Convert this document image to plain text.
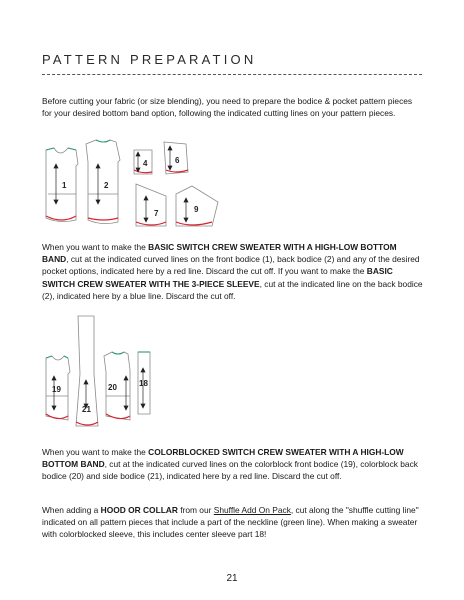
PATTERN PREPARATION

Before cutting your fabric (or size blending), you need to prepare the bodice & pocket pattern pieces for your desired bottom band option, following the indicated cutting lines on your pattern pieces.

1	2
4	6
7	9

When you want to make the BASIC SWITCH CREW SWEATER WITH A HIGH-LOW BOTTOM BAND, cut at the indicated curved lines on the front bodice (1), back bodice (2) and any of the desired pocket options, indicated here by a red line. Discard the cut off. If you want to make the BASIC SWITCH CREW SWEATER WITH THE 3-PIECE SLEEVE, cut at the indicated line on the back bodice (2), indicated here by a blue line. Discard the cut off.

19	20
21
18

When you want to make the COLORBLOCKED SWITCH CREW SWEATER WITH A HIGH-LOW BOTTOM BAND, cut at the indicated curved lines on the colorblock front bodice (19), colorblock back bodice (20) and side bodice (21), indicated here by a red line. Discard the cut off.

When adding a HOOD OR COLLAR from our Shuffle Add On Pack, cut along the "shuffle cutting line" indicated on all pattern pieces that include a part of the neckline (green line). When making a sweater with colorblocked sleeve, this includes center sleeve part 18!

21
